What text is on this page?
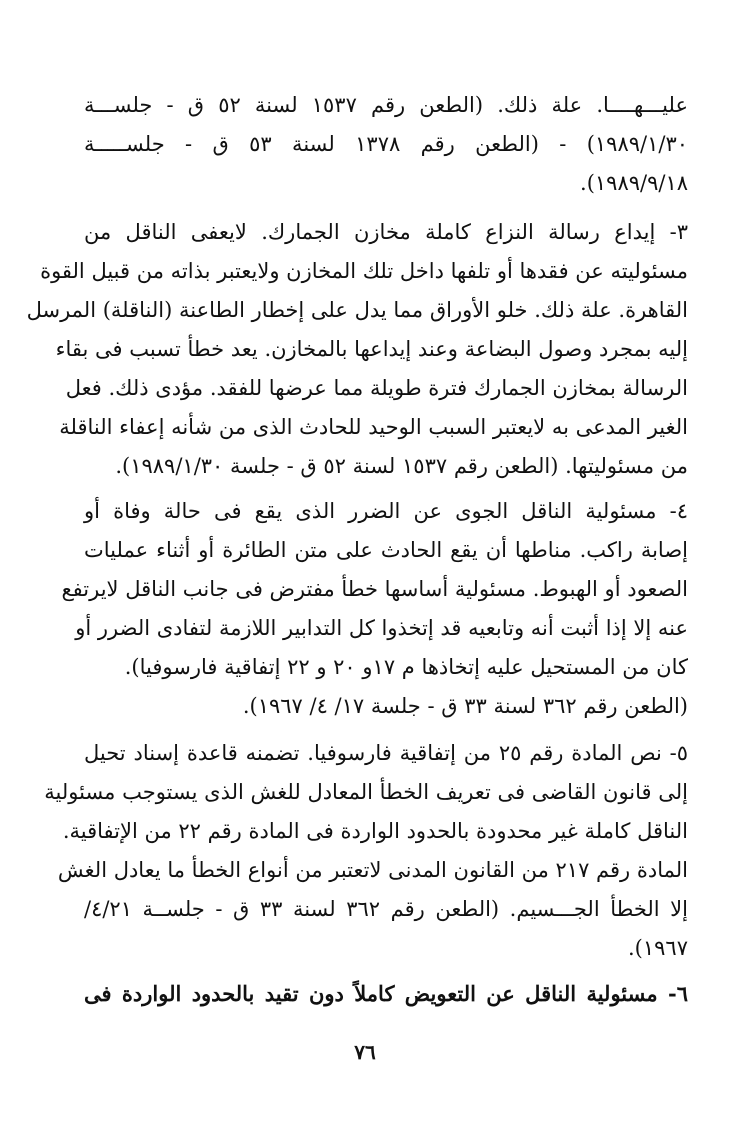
عليـــهــــا. علة ذلك. (الطعن رقم ١٥٣٧ لسنة ٥٢ ق - جلســـة
١٩٨٩/١/٣٠) - (الطعن رقم ١٣٧٨ لسنة ٥٣ ق - جلســـــة
١٩٨٩/٩/١٨).
٣- إيداع رسالة النزاع كاملة مخازن الجمارك. لايعفى الناقل من
مسئوليته عن فقدها أو تلفها داخل تلك المخازن ولايعتبر بذاته من قبيل القوة
القاهرة. علة ذلك. خلو الأوراق مما يدل على إخطار الطاعنة (الناقلة) المرسل
إليه بمجرد وصول البضاعة وعند إيداعها بالمخازن. يعد خطأ تسبب فى بقاء
الرسالة بمخازن الجمارك فترة طويلة مما عرضها للفقد. مؤدى ذلك. فعل
الغير المدعى به لايعتبر السبب الوحيد للحادث الذى من شأنه إعفاء الناقلة
من مسئوليتها. (الطعن رقم ١٥٣٧ لسنة ٥٢ ق - جلسة ١٩٨٩/١/٣٠).
٤- مسئولية الناقل الجوى عن الضرر الذى يقع فى حالة وفاة أو
إصابة راكب. مناطها أن يقع الحادث على متن الطائرة أو أثناء عمليات
الصعود أو الهبوط. مسئولية أساسها خطأ مفترض فى جانب الناقل لايرتفع
عنه إلا إذا أثبت أنه وتابعيه قد إتخذوا كل التدابير اللازمة لتفادى الضرر أو
كان من المستحيل عليه إتخاذها م ١٧و ٢٠ و ٢٢ إتفاقية فارسوفيا).
(الطعن رقم ٣٦٢ لسنة ٣٣ ق - جلسة ١٧/ ٤/ ١٩٦٧).
٥- نص المادة رقم ٢٥ من إتفاقية فارسوفيا. تضمنه قاعدة إسناد تحيل
إلى قانون القاضى فى تعريف الخطأ المعادل للغش الذى يستوجب مسئولية
الناقل كاملة غير محدودة بالحدود الواردة فى المادة رقم ٢٢ من الإتفاقية.
المادة رقم ٢١٧ من القانون المدنى لاتعتبر من أنواع الخطأ ما يعادل الغش
إلا الخطأ الجـــسيم. (الطعن رقم ٣٦٢ لسنة ٣٣ ق - جلســة ٤/٢١/
١٩٦٧).
٦- مسئولية الناقل عن التعويض كاملاً دون تقيد بالحدود الواردة فى
٧٦
